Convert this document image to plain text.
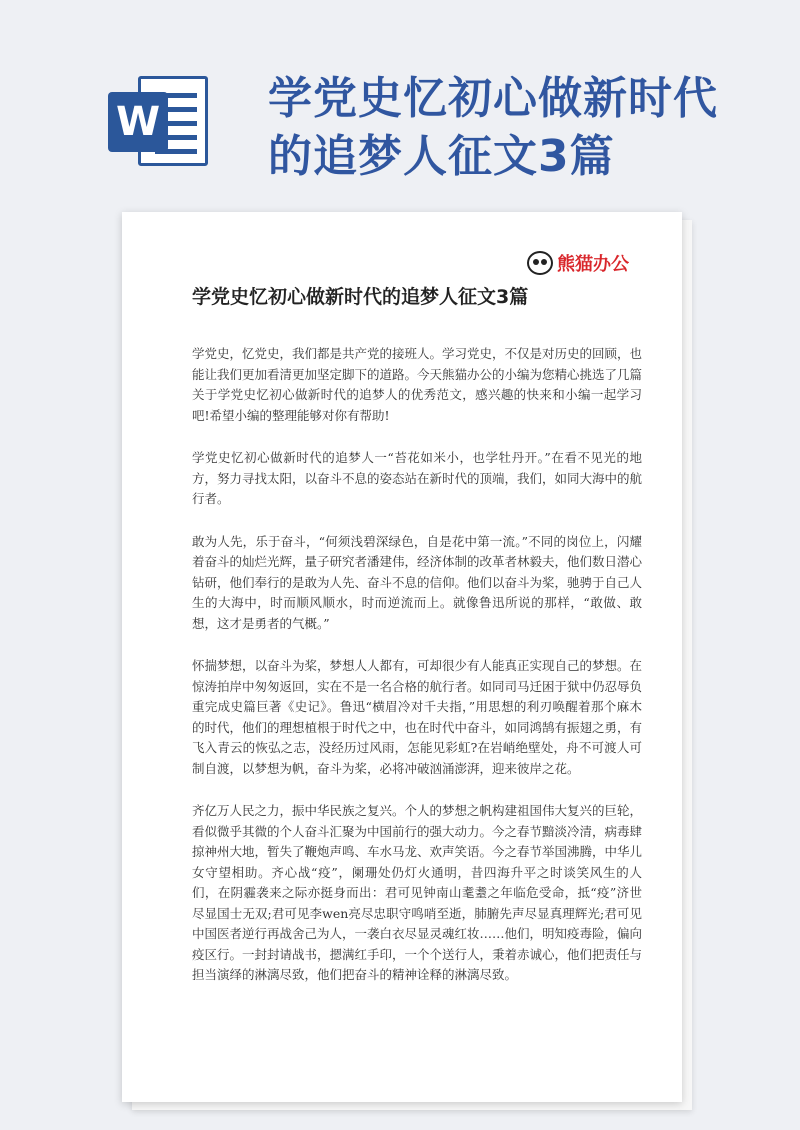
W 学党史忆初心做新时代
的追梦人征文3篇
熊猫办公
学党史忆初心做新时代的追梦人征文3篇

学党史，忆党史，我们都是共产党的接班人。学习党史，不仅是对历史的回顾，也能让我们更加看清更加坚定脚下的道路。今天熊猫办公的小编为您精心挑选了几篇关于学党史忆初心做新时代的追梦人的优秀范文，感兴趣的快来和小编一起学习吧!希望小编的整理能够对你有帮助!

学党史忆初心做新时代的追梦人一“苔花如米小，也学牡丹开。”在看不见光的地方，努力寻找太阳，以奋斗不息的姿态站在新时代的顶端，我们，如同大海中的航行者。

敢为人先，乐于奋斗，“何须浅碧深绿色，自是花中第一流。”不同的岗位上，闪耀着奋斗的灿烂光辉，量子研究者潘建伟，经济体制的改革者林毅夫，他们数日潜心钻研，他们奉行的是敢为人先、奋斗不息的信仰。他们以奋斗为桨，驰骋于自己人生的大海中，时而顺风顺水，时而逆流而上。就像鲁迅所说的那样，“敢做、敢想，这才是勇者的气概。”

怀揣梦想，以奋斗为桨，梦想人人都有，可却很少有人能真正实现自己的梦想。在惊涛拍岸中匆匆返回，实在不是一名合格的航行者。如同司马迁困于狱中仍忍辱负重完成史篇巨著《史记》。鲁迅“横眉冷对千夫指，”用思想的利刃唤醒着那个麻木的时代，他们的理想植根于时代之中，也在时代中奋斗，如同鸿鹄有振翅之勇，有飞入青云的恢弘之志，没经历过风雨，怎能见彩虹?在岩峭绝壁处，舟不可渡人可制自渡，以梦想为帆，奋斗为桨，必将冲破汹涌澎湃，迎来彼岸之花。

齐亿万人民之力，振中华民族之复兴。个人的梦想之帆构建祖国伟大复兴的巨轮，看似微乎其微的个人奋斗汇聚为中国前行的强大动力。今之春节黯淡冷清，病毒肆掠神州大地，暂失了鞭炮声鸣、车水马龙、欢声笑语。今之春节举国沸腾，中华儿女守望相助。齐心战“疫”，阑珊处仍灯火通明，昔四海升平之时谈笑风生的人们，在阴霾袭来之际亦挺身而出：君可见钟南山耄耋之年临危受命，抵“疫”济世尽显国士无双;君可见李wen亮尽忠职守鸣哨至逝，肺腑先声尽显真理辉光;君可见中国医者逆行再战舍己为人，一袭白衣尽显灵魂红妆……他们，明知疫毒险，偏向疫区行。一封封请战书，摁满红手印，一个个送行人，秉着赤诚心，他们把责任与担当演绎的淋漓尽致，他们把奋斗的精神诠释的淋漓尽致。
